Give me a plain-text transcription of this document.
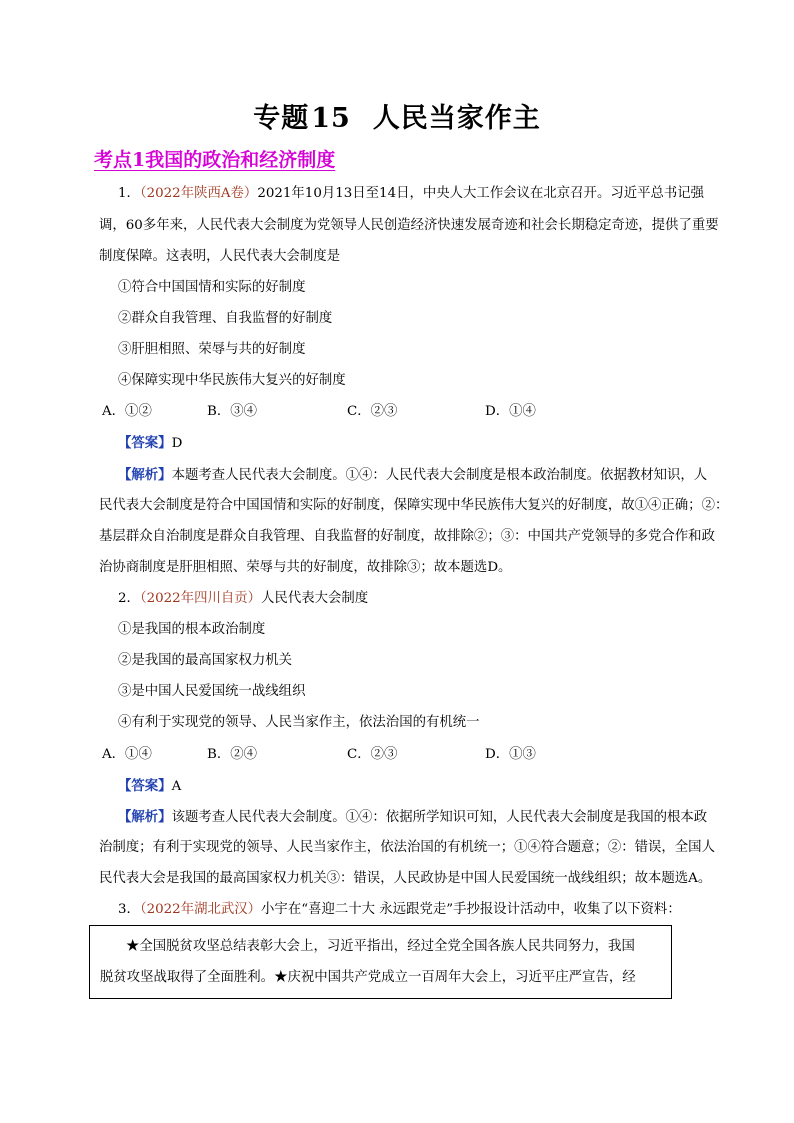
专题15 人民当家作主
考点1我国的政治和经济制度
1．（2022年陕西A卷）2021年10月13日至14日，中央人大工作会议在北京召开。习近平总书记强
调，60多年来，人民代表大会制度为党领导人民创造经济快速发展奇迹和社会长期稳定奇迹，提供了重要
制度保障。这表明，人民代表大会制度是
①符合中国国情和实际的好制度
②群众自我管理、自我监督的好制度
③肝胆相照、荣辱与共的好制度
④保障实现中华民族伟大复兴的好制度
A．①②	B．③④	C．②③	D．①④
【答案】D
【解析】本题考查人民代表大会制度。①④：人民代表大会制度是根本政治制度。依据教材知识，人
民代表大会制度是符合中国国情和实际的好制度，保障实现中华民族伟大复兴的好制度，故①④正确；②：
基层群众自治制度是群众自我管理、自我监督的好制度，故排除②；③：中国共产党领导的多党合作和政
治协商制度是肝胆相照、荣辱与共的好制度，故排除③；故本题选D。
2．（2022年四川自贡）人民代表大会制度
①是我国的根本政治制度
②是我国的最高国家权力机关
③是中国人民爱国统一战线组织
④有利于实现党的领导、人民当家作主，依法治国的有机统一
A．①④	B．②④	C．②③	D．①③
【答案】A
【解析】该题考查人民代表大会制度。①④：依据所学知识可知，人民代表大会制度是我国的根本政
治制度；有利于实现党的领导、人民当家作主，依法治国的有机统一；①④符合题意；②：错误，全国人
民代表大会是我国的最高国家权力机关③：错误，人民政协是中国人民爱国统一战线组织；故本题选A。
3．（2022年湖北武汉）小宇在“喜迎二十大 永远跟党走”手抄报设计活动中，收集了以下资料：
★全国脱贫攻坚总结表彰大会上，习近平指出，经过全党全国各族人民共同努力，我国
脱贫攻坚战取得了全面胜利。★庆祝中国共产党成立一百周年大会上，习近平庄严宣告，经
